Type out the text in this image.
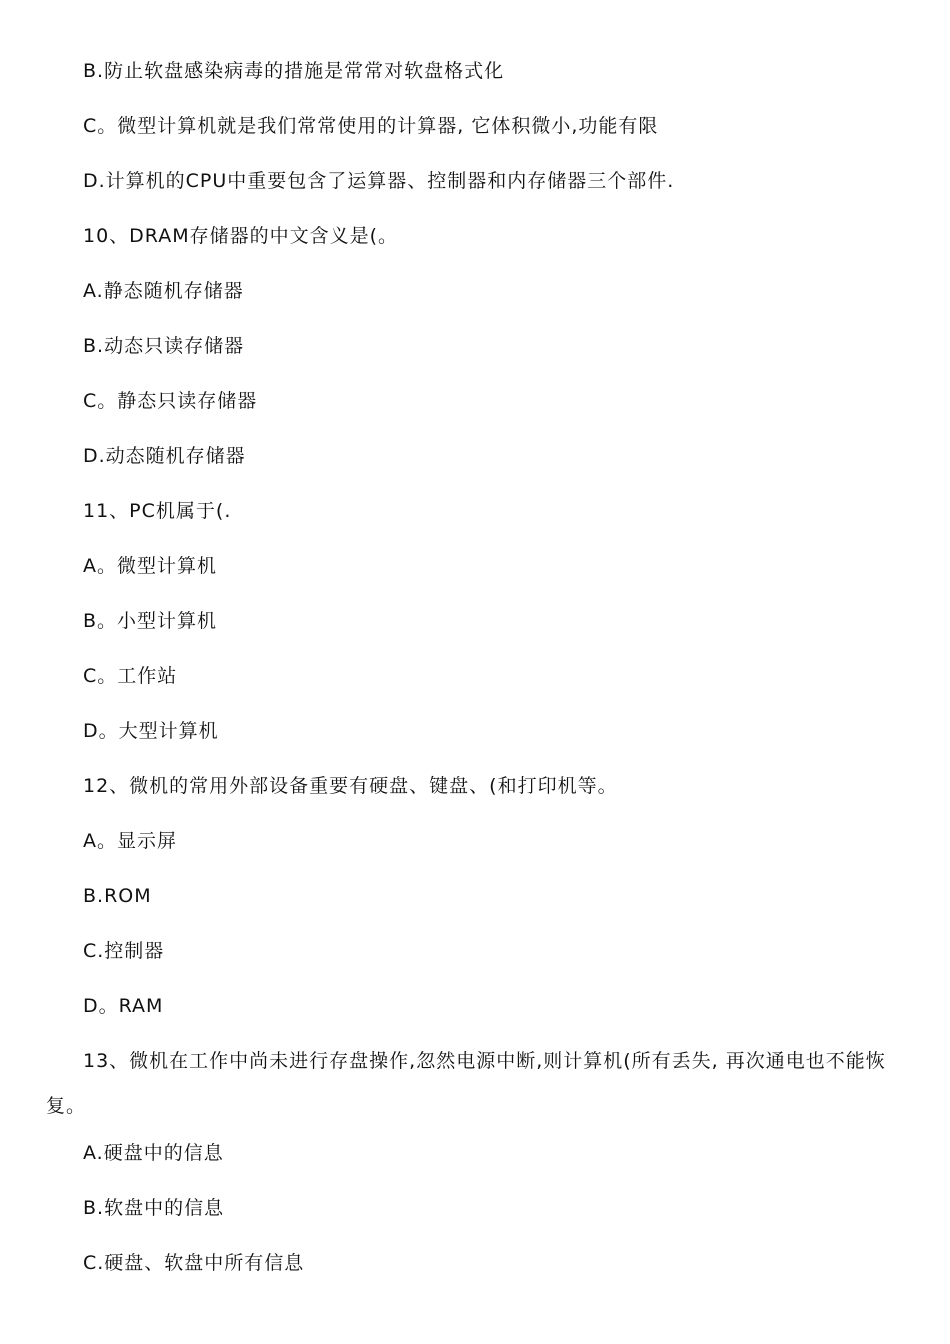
B.防止软盘感染病毒的措施是常常对软盘格式化
C。微型计算机就是我们常常使用的计算器, 它体积微小,功能有限
D.计算机的CPU中重要包含了运算器、控制器和内存储器三个部件.
10、DRAM存储器的中文含义是(。
A.静态随机存储器
B.动态只读存储器
C。静态只读存储器
D.动态随机存储器
11、PC机属于(.
A。微型计算机
B。小型计算机
C。工作站
D。大型计算机
12、微机的常用外部设备重要有硬盘、键盘、(和打印机等。
A。显示屏
B.ROM
C.控制器
D。RAM
13、微机在工作中尚未进行存盘操作,忽然电源中断,则计算机(所有丢失, 再次通电也不能恢复。
A.硬盘中的信息
B.软盘中的信息
C.硬盘、软盘中所有信息
